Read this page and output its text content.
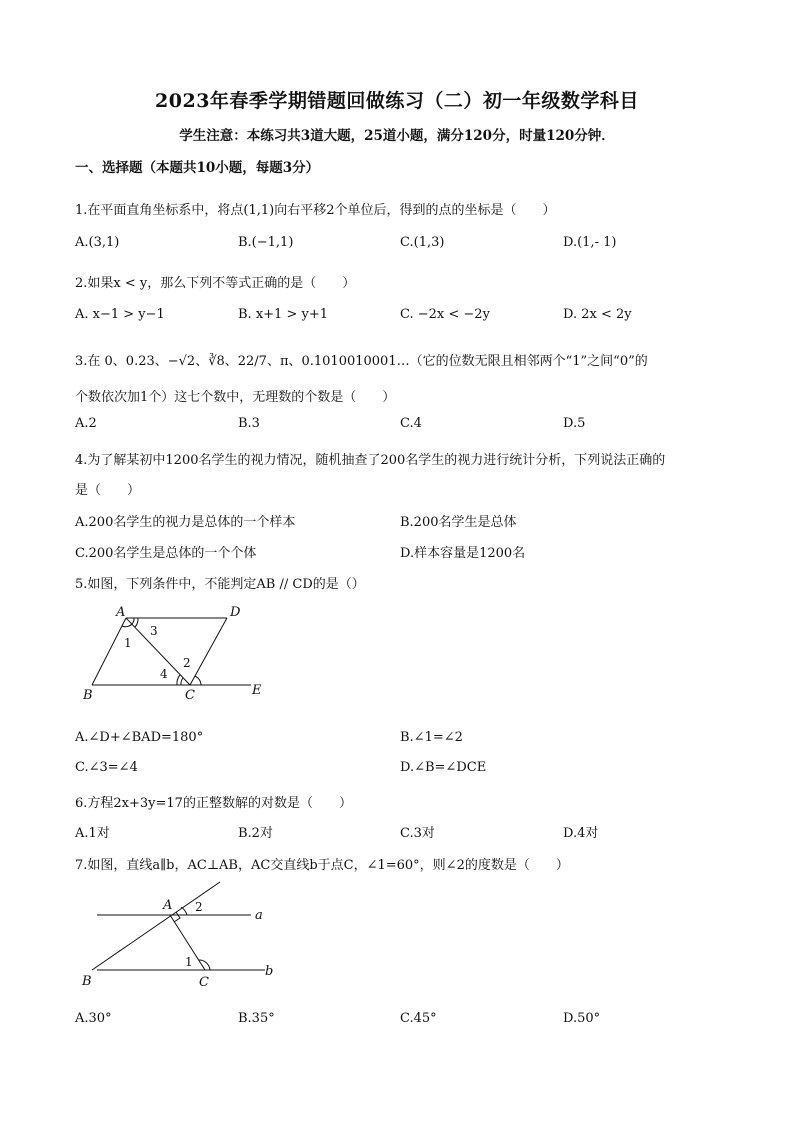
2023年春季学期错题回做练习（二）初一年级数学科目
学生注意：本练习共3道大题，25道小题，满分120分，时量120分钟．
一、选择题（本题共10小题，每题3分）
1.在平面直角坐标系中，将点(1,1)向右平移2个单位后，得到的点的坐标是（　　）
A.(3,1)	B.(−1,1)	C.(1,3)	D.(1,- 1)
2.如果x < y，那么下列不等式正确的是（　　）
A. x−1 > y−1	B. x+1 > y+1	C. −2x < −2y	D. 2x < 2y
3.在 0、0.23、−√2、∛8、22/7、π、0.1010010001…（它的位数无限且相邻两个“1”之间“0”的
个数依次加1个）这七个数中，无理数的个数是（　　）
A.2	B.3	C.4	D.5
4.为了解某初中1200名学生的视力情况，随机抽查了200名学生的视力进行统计分析，下列说法正确的
是（　　）
A.200名学生的视力是总体的一个样本	B.200名学生是总体
C.200名学生是总体的一个个体	D.样本容量是1200名
5.如图，下列条件中，不能判定AB // CD的是（）
A	D
B	C	E
1
2
3
4
A.∠D+∠BAD=180°	B.∠1=∠2
C.∠3=∠4	D.∠B=∠DCE
6.方程2x+3y=17的正整数解的对数是（　　）
A.1对	B.2对	C.3对	D.4对
7.如图，直线a∥b，AC⊥AB，AC交直线b于点C，∠1=60°，则∠2的度数是（　　）
A
a
B	C
b
1
2
A.30°	B.35°	C.45°	D.50°
